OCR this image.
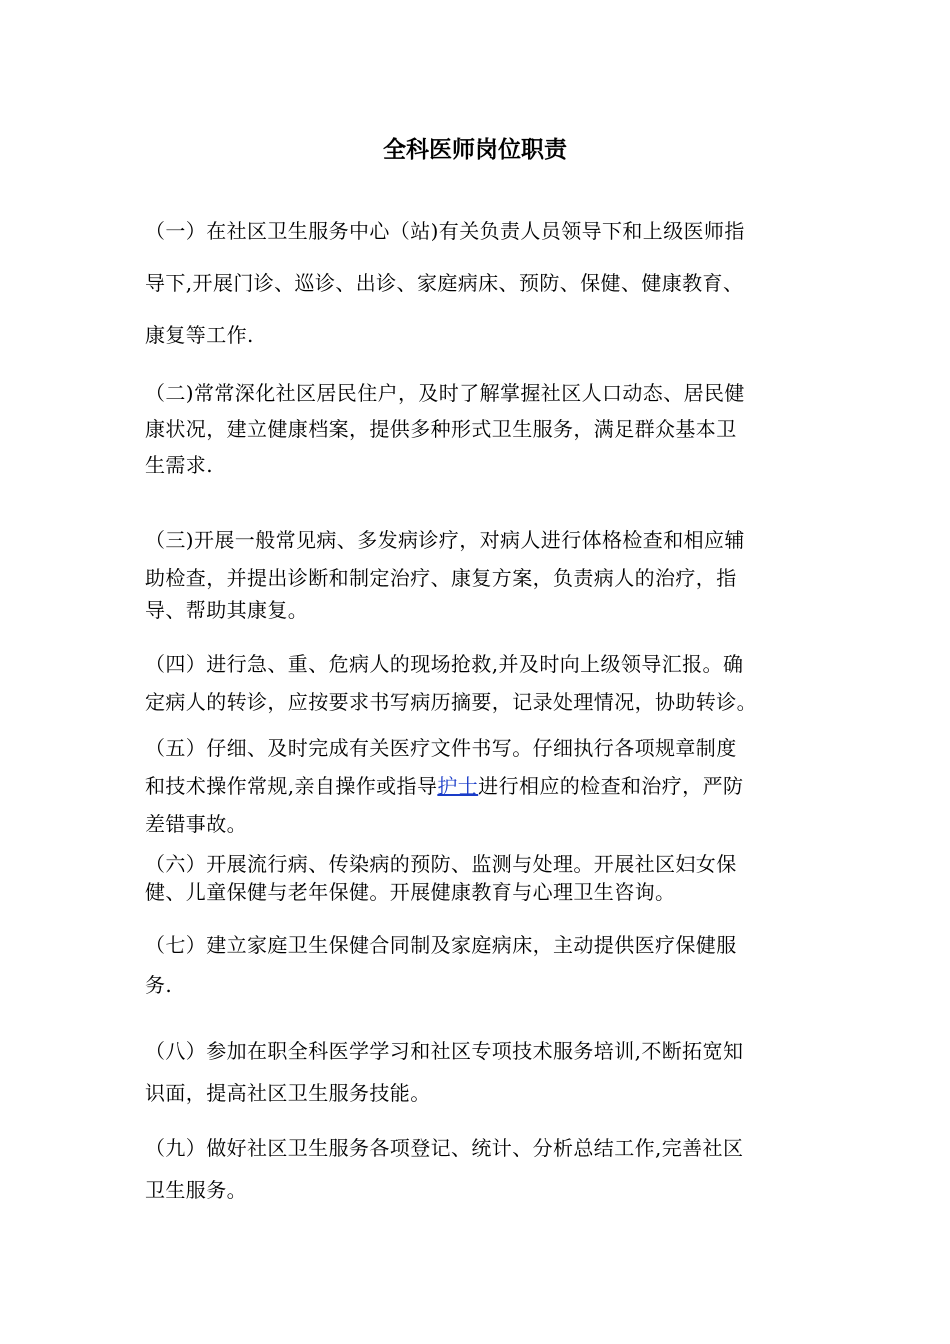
全科医师岗位职责
（一）在社区卫生服务中心（站)有关负责人员领导下和上级医师指
导下,开展门诊、巡诊、出诊、家庭病床、预防、保健、健康教育、
康复等工作.
（二)常常深化社区居民住户，及时了解掌握社区人口动态、居民健
康状况，建立健康档案，提供多种形式卫生服务，满足群众基本卫
生需求.
（三)开展一般常见病、多发病诊疗，对病人进行体格检查和相应辅
助检查，并提出诊断和制定治疗、康复方案，负责病人的治疗，指
导、帮助其康复。
（四）进行急、重、危病人的现场抢救,并及时向上级领导汇报。确
定病人的转诊，应按要求书写病历摘要，记录处理情况，协助转诊。
（五）仔细、及时完成有关医疗文件书写。仔细执行各项规章制度
和技术操作常规,亲自操作或指导护士进行相应的检查和治疗，严防
差错事故。
（六）开展流行病、传染病的预防、监测与处理。开展社区妇女保
健、儿童保健与老年保健。开展健康教育与心理卫生咨询。
（七）建立家庭卫生保健合同制及家庭病床，主动提供医疗保健服
务.
（八）参加在职全科医学学习和社区专项技术服务培训,不断拓宽知
识面，提高社区卫生服务技能。
（九）做好社区卫生服务各项登记、统计、分析总结工作,完善社区
卫生服务。
